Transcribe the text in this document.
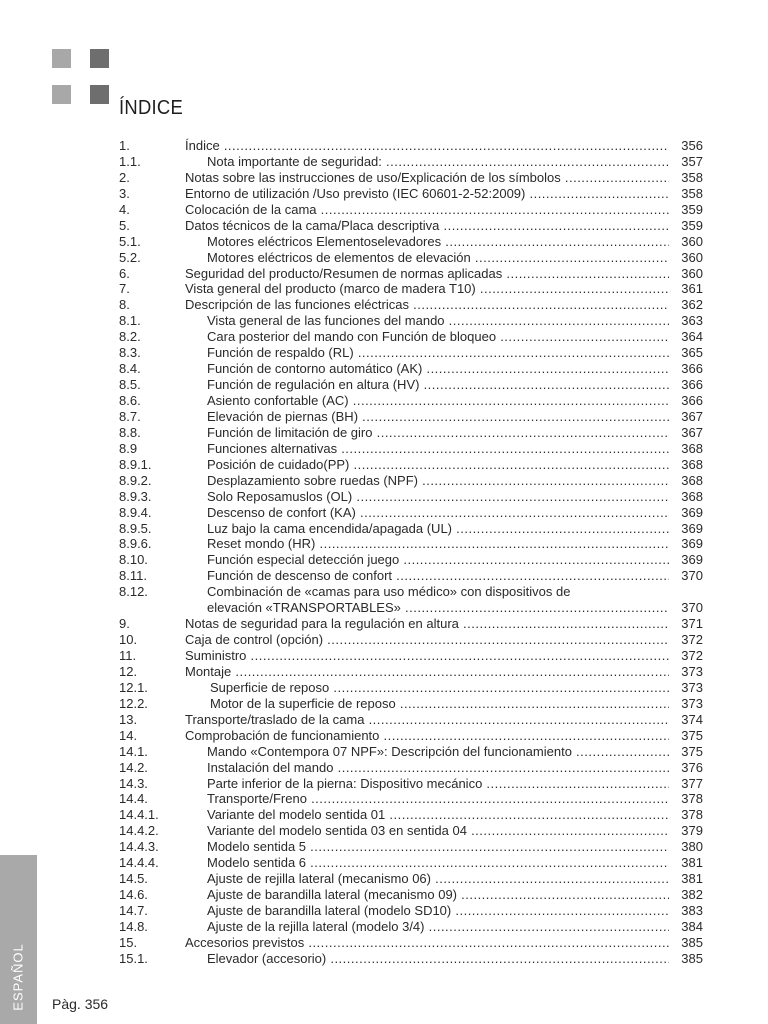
ÍNDICE
1.	Índice .....	356
1.1.	Nota importante de seguridad: .....	357
2.	Notas sobre las instrucciones de uso/Explicación de los símbolos .....	358
3.	Entorno de utilización /Uso previsto (IEC 60601-2-52:2009) .....	358
4.	Colocación de la cama .....	359
5.	Datos técnicos de la cama/Placa descriptiva .....	359
5.1.	Motores eléctricos Elementoselevadores .....	360
5.2.	Motores eléctricos de elementos de elevación .....	360
6.	Seguridad del producto/Resumen de normas aplicadas .....	360
7.	Vista general del producto (marco de madera T10) .....	361
8.	Descripción de las funciones eléctricas .....	362
8.1.	Vista general de las funciones del mando .....	363
8.2.	Cara posterior del mando con Función de bloqueo .....	364
8.3.	Función de respaldo (RL) .....	365
8.4.	Función de contorno automático (AK) .....	366
8.5.	Función de regulación en altura (HV) .....	366
8.6.	Asiento confortable (AC) .....	366
8.7.	Elevación de piernas (BH) .....	367
8.8.	Función de limitación de giro .....	367
8.9	Funciones alternativas .....	368
8.9.1.	Posición de cuidado(PP) .....	368
8.9.2.	Desplazamiento sobre ruedas (NPF) .....	368
8.9.3.	Solo Reposamuslos (OL) .....	368
8.9.4.	Descenso de confort (KA) .....	369
8.9.5.	Luz bajo la cama encendida/apagada (UL) .....	369
8.9.6.	Reset mondo (HR) .....	369
8.10.	Función especial detección juego .....	369
8.11.	Función de descenso de confort .....	370
8.12.	Combinación de «camas para uso médico» con dispositivos de
elevación «TRANSPORTABLES» .....	370
9.	Notas de seguridad para la regulación en altura .....	371
10.	Caja de control (opción) .....	372
11.	Suministro .....	372
12.	Montaje .....	373
12.1.	Superficie de reposo .....	373
12.2.	Motor de la superficie de reposo .....	373
13.	Transporte/traslado de la cama .....	374
14.	Comprobación de funcionamiento .....	375
14.1.	Mando «Contempora 07 NPF»: Descripción del funcionamiento .....	375
14.2.	Instalación del mando .....	376
14.3.	Parte inferior de la pierna: Dispositivo mecánico .....	377
14.4.	Transporte/Freno .....	378
14.4.1.	Variante del modelo sentida 01 .....	378
14.4.2.	Variante del modelo sentida 03 en sentida 04 .....	379
14.4.3.	Modelo sentida 5 .....	380
14.4.4.	Modelo sentida 6 .....	381
14.5.	Ajuste de rejilla lateral (mecanismo 06) .....	381
14.6.	Ajuste de barandilla lateral (mecanismo 09) .....	382
14.7.	Ajuste de barandilla lateral (modelo SD10) .....	383
14.8.	Ajuste de la rejilla lateral (modelo 3/4) .....	384
15.	Accesorios previstos .....	385
15.1.	Elevador (accesorio) .....	385
ESPAÑOL Pàg. 356
